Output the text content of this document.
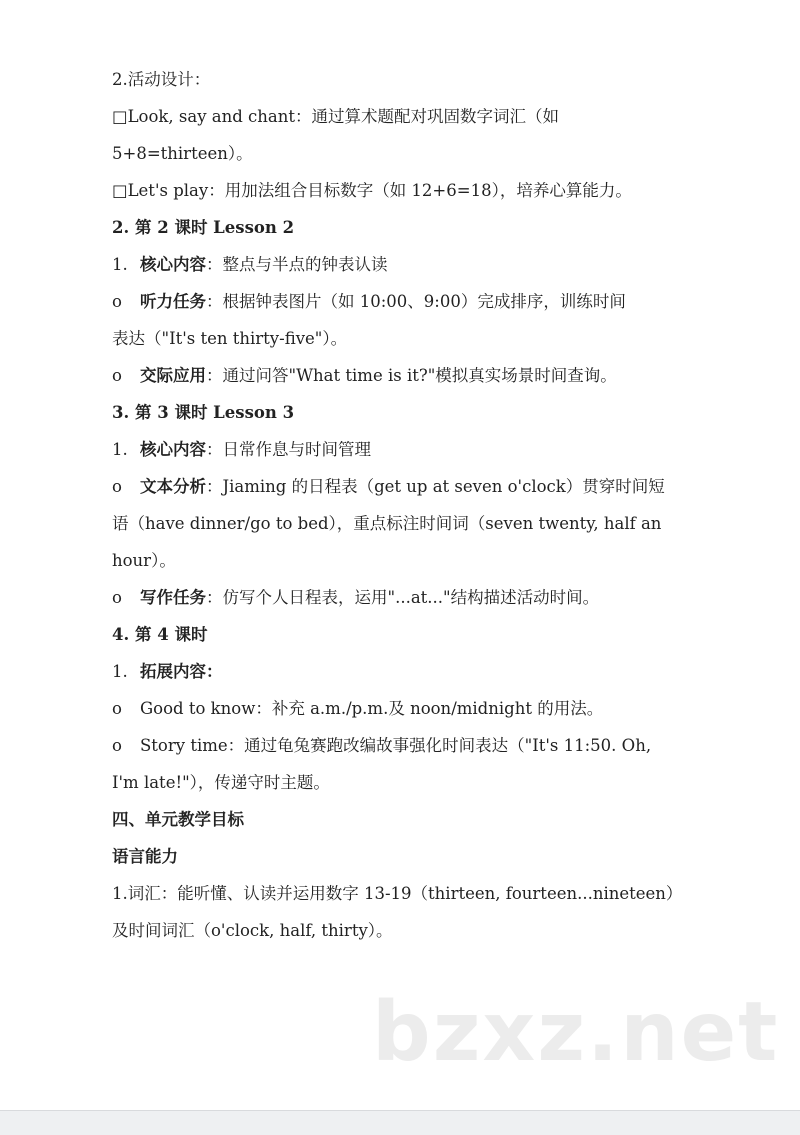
2.活动设计：
□Look, say and chant：通过算术题配对巩固数字词汇（如
5+8=thirteen）。
□Let's play：用加法组合目标数字（如 12+6=18），培养心算能力。
2. 第 2 课时 Lesson 2
1. 核心内容：整点与半点的钟表认读
o 听力任务：根据钟表图片（如 10:00、9:00）完成排序，训练时间
表达（"It's ten thirty-five"）。
o 交际应用：通过问答"What time is it?"模拟真实场景时间查询。
3. 第 3 课时 Lesson 3
1. 核心内容：日常作息与时间管理
o 文本分析：Jiaming 的日程表（get up at seven o'clock）贯穿时间短
语（have dinner/go to bed），重点标注时间词（seven twenty, half an
hour）。
o 写作任务：仿写个人日程表，运用"...at..."结构描述活动时间。
4. 第 4 课时
1. 拓展内容：
o Good to know：补充 a.m./p.m.及 noon/midnight 的用法。
o Story time：通过龟兔赛跑改编故事强化时间表达（"It's 11:50. Oh,
I'm late!"），传递守时主题。
四、单元教学目标
语言能力
1.词汇：能听懂、认读并运用数字 13-19（thirteen, fourteen...nineteen）
及时间词汇（o'clock, half, thirty）。
bzxz.net
